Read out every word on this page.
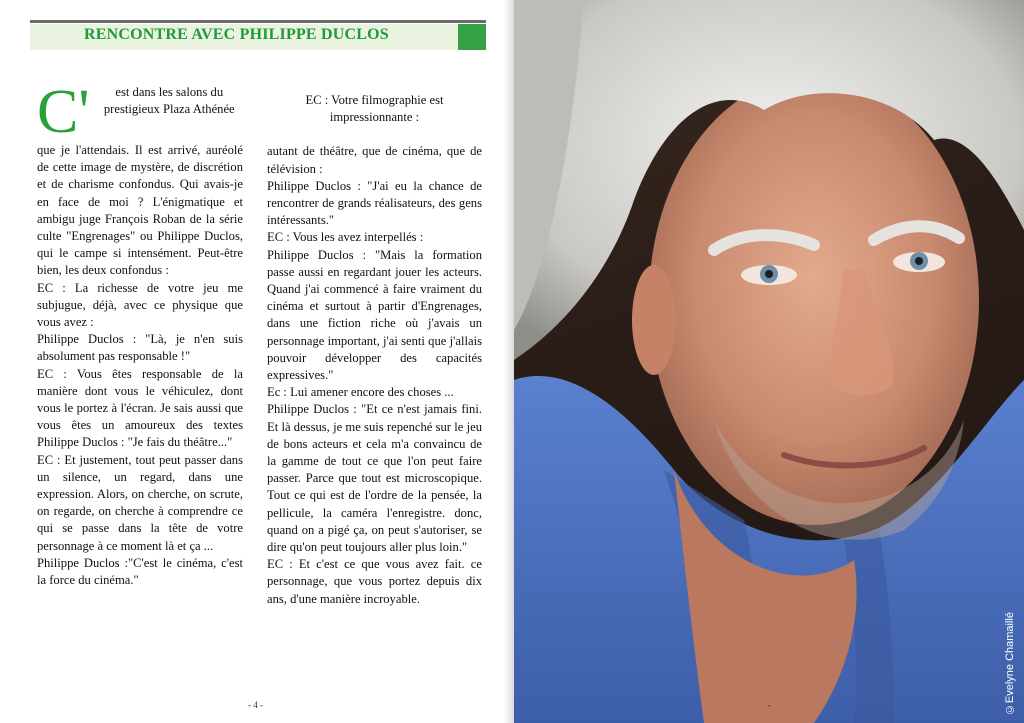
RENCONTRE AVEC PHILIPPE DUCLOS
C'	est dans les salons du prestigieux Plaza Athénée

que je l'attendais. Il est arrivé, auréolé de cette image de mystère, de discrétion et de charisme confondus. Qui avais-je en face de moi ? L'énigmatique et ambigu juge François Roban de la série culte "Engrenages" ou Philippe Duclos, qui le campe si intensément. Peut-être bien, les deux confondus :

EC : La richesse de votre jeu me subjugue, déjà, avec ce physique que vous avez :

Philippe Duclos : "Là, je n'en suis absolument pas responsable !"

EC : Vous êtes responsable de la manière dont vous le véhiculez, dont vous le portez à l'écran. Je sais aussi que vous êtes un amoureux des textes Philippe Duclos : "Je fais du théâtre..."

EC : Et justement, tout peut passer dans un silence, un regard, dans une expression. Alors, on cherche, on scrute, on regarde, on cherche à comprendre ce qui se passe dans la tête de votre personnage à ce moment là et ça ...

Philippe Duclos :"C'est le cinéma, c'est la force du cinéma."

EC : Votre filmographie est impressionnante :

autant de théâtre, que de cinéma, que de télévision :

Philippe Duclos : "J'ai eu la chance de rencontrer de grands réalisateurs, des gens intéressants."

EC : Vous les avez interpellés :

Philippe Duclos : "Mais la formation passe aussi en regardant jouer les acteurs. Quand j'ai commencé à faire vraiment du cinéma et surtout à partir d'Engrenages, dans une fiction riche où j'avais un personnage important, j'ai senti que j'allais pouvoir développer des capacités expressives."

Ec : Lui amener encore des choses ...

Philippe Duclos : "Et ce n'est jamais fini. Et là dessus, je me suis repenché sur le jeu de bons acteurs et cela m'a convaincu de la gamme de tout ce que l'on peut faire passer. Parce que tout est microscopique. Tout ce qui est de l'ordre de la pensée, la pellicule, la caméra l'enregistre. donc, quand on a pigé ça, on peut s'autoriser, se dire qu'on peut toujours aller plus loin."

EC : Et c'est ce que vous avez fait. ce personnage, que vous portez depuis dix ans, d'une manière incroyable.

- 4 -	©Evelyne Chamaillé
-
